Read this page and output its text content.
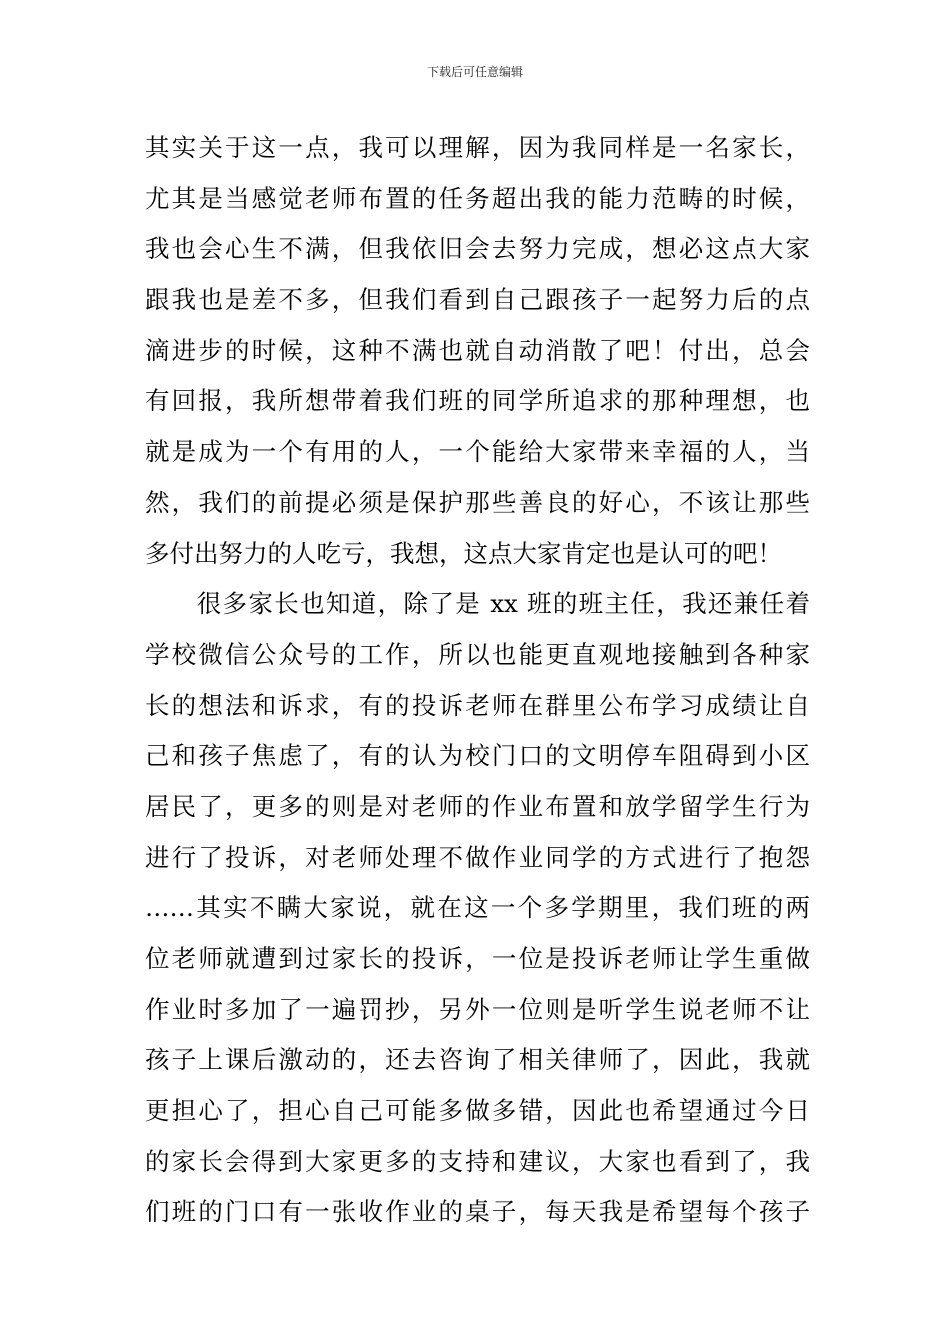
下载后可任意编辑
其实关于这一点，我可以理解，因为我同样是一名家长，
尤其是当感觉老师布置的任务超出我的能力范畴的时候，
我也会心生不满，但我依旧会去努力完成，想必这点大家
跟我也是差不多，但我们看到自己跟孩子一起努力后的点
滴进步的时候，这种不满也就自动消散了吧！付出，总会
有回报，我所想带着我们班的同学所追求的那种理想，也
就是成为一个有用的人，一个能给大家带来幸福的人，当
然，我们的前提必须是保护那些善良的好心，不该让那些
多付出努力的人吃亏，我想，这点大家肯定也是认可的吧！
　　很多家长也知道，除了是 xx 班的班主任，我还兼任着
学校微信公众号的工作，所以也能更直观地接触到各种家
长的想法和诉求，有的投诉老师在群里公布学习成绩让自
己和孩子焦虑了，有的认为校门口的文明停车阻碍到小区
居民了，更多的则是对老师的作业布置和放学留学生行为
进行了投诉，对老师处理不做作业同学的方式进行了抱怨
……其实不瞒大家说，就在这一个多学期里，我们班的两
位老师就遭到过家长的投诉，一位是投诉老师让学生重做
作业时多加了一遍罚抄，另外一位则是听学生说老师不让
孩子上课后激动的，还去咨询了相关律师了，因此，我就
更担心了，担心自己可能多做多错，因此也希望通过今日
的家长会得到大家更多的支持和建议，大家也看到了，我
们班的门口有一张收作业的桌子，每天我是希望每个孩子
